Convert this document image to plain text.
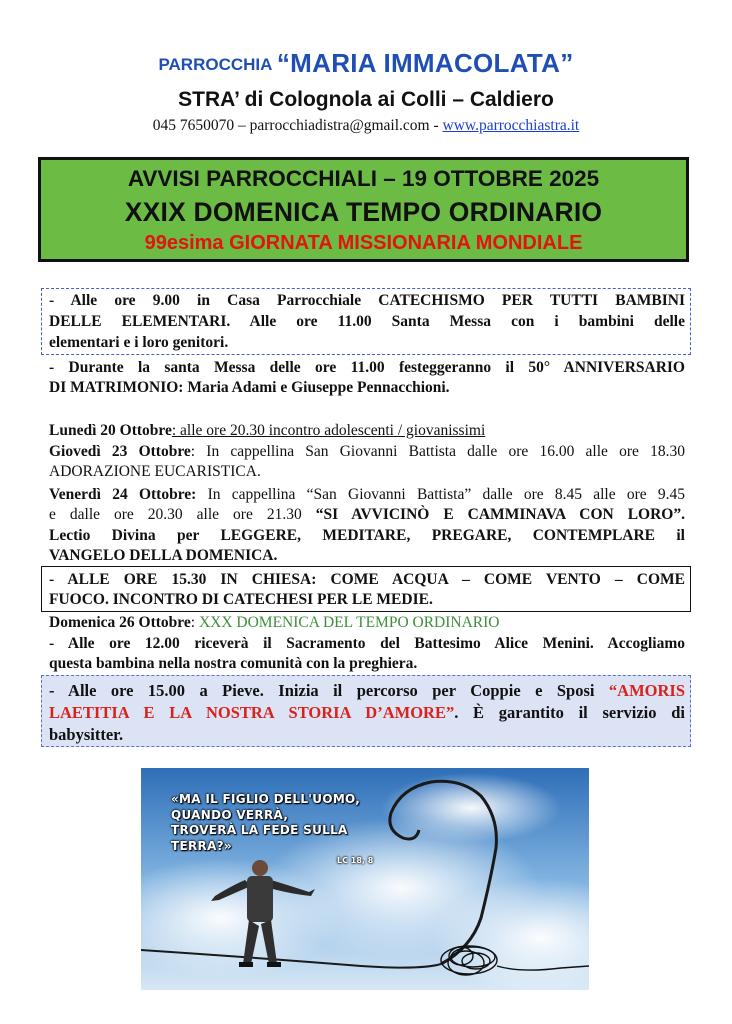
PARROCCHIA “MARIA IMMACOLATA”
STRA’ di Colognola ai Colli – Caldiero
045 7650070 – parrocchiadistra@gmail.com - www.parrocchiastra.it
AVVISI PARROCCHIALI – 19 OTTOBRE 2025
XXIX DOMENICA TEMPO ORDINARIO
99esima GIORNATA MISSIONARIA MONDIALE
- Alle ore 9.00 in Casa Parrocchiale CATECHISMO PER TUTTI BAMBINI
DELLE ELEMENTARI. Alle ore 11.00 Santa Messa con i bambini delle
elementari e i loro genitori.
- Durante la santa Messa delle ore 11.00 festeggeranno il 50° ANNIVERSARIO
DI MATRIMONIO: Maria Adami e Giuseppe Pennacchioni.
Lunedì 20 Ottobre: alle ore 20.30 incontro adolescenti / giovanissimi
Giovedì 23 Ottobre: In cappellina San Giovanni Battista dalle ore 16.00 alle ore 18.30
ADORAZIONE EUCARISTICA.
Venerdì 24 Ottobre: In cappellina “San Giovanni Battista” dalle ore 8.45 alle ore 9.45
e dalle ore 20.30 alle ore 21.30 “SI AVVICINÒ E CAMMINAVA CON LORO”.
Lectio Divina per LEGGERE, MEDITARE, PREGARE, CONTEMPLARE il
VANGELO DELLA DOMENICA.
- ALLE ORE 15.30 IN CHIESA: COME ACQUA – COME VENTO – COME
FUOCO. INCONTRO DI CATECHESI PER LE MEDIE.
Domenica 26 Ottobre: XXX DOMENICA DEL TEMPO ORDINARIO
- Alle ore 12.00 riceverà il Sacramento del Battesimo Alice Menini. Accogliamo
questa bambina nella nostra comunità con la preghiera.
- Alle ore 15.00 a Pieve. Inizia il percorso per Coppie e Sposi “AMORIS
LAETITIA E LA NOSTRA STORIA D’AMORE”. È garantito il servizio di
babysitter.
«MA IL FIGLIO DELL'UOMO,
QUANDO VERRÀ,
TROVERÀ LA FEDE SULLA
TERRA?»
LC 18, 8
